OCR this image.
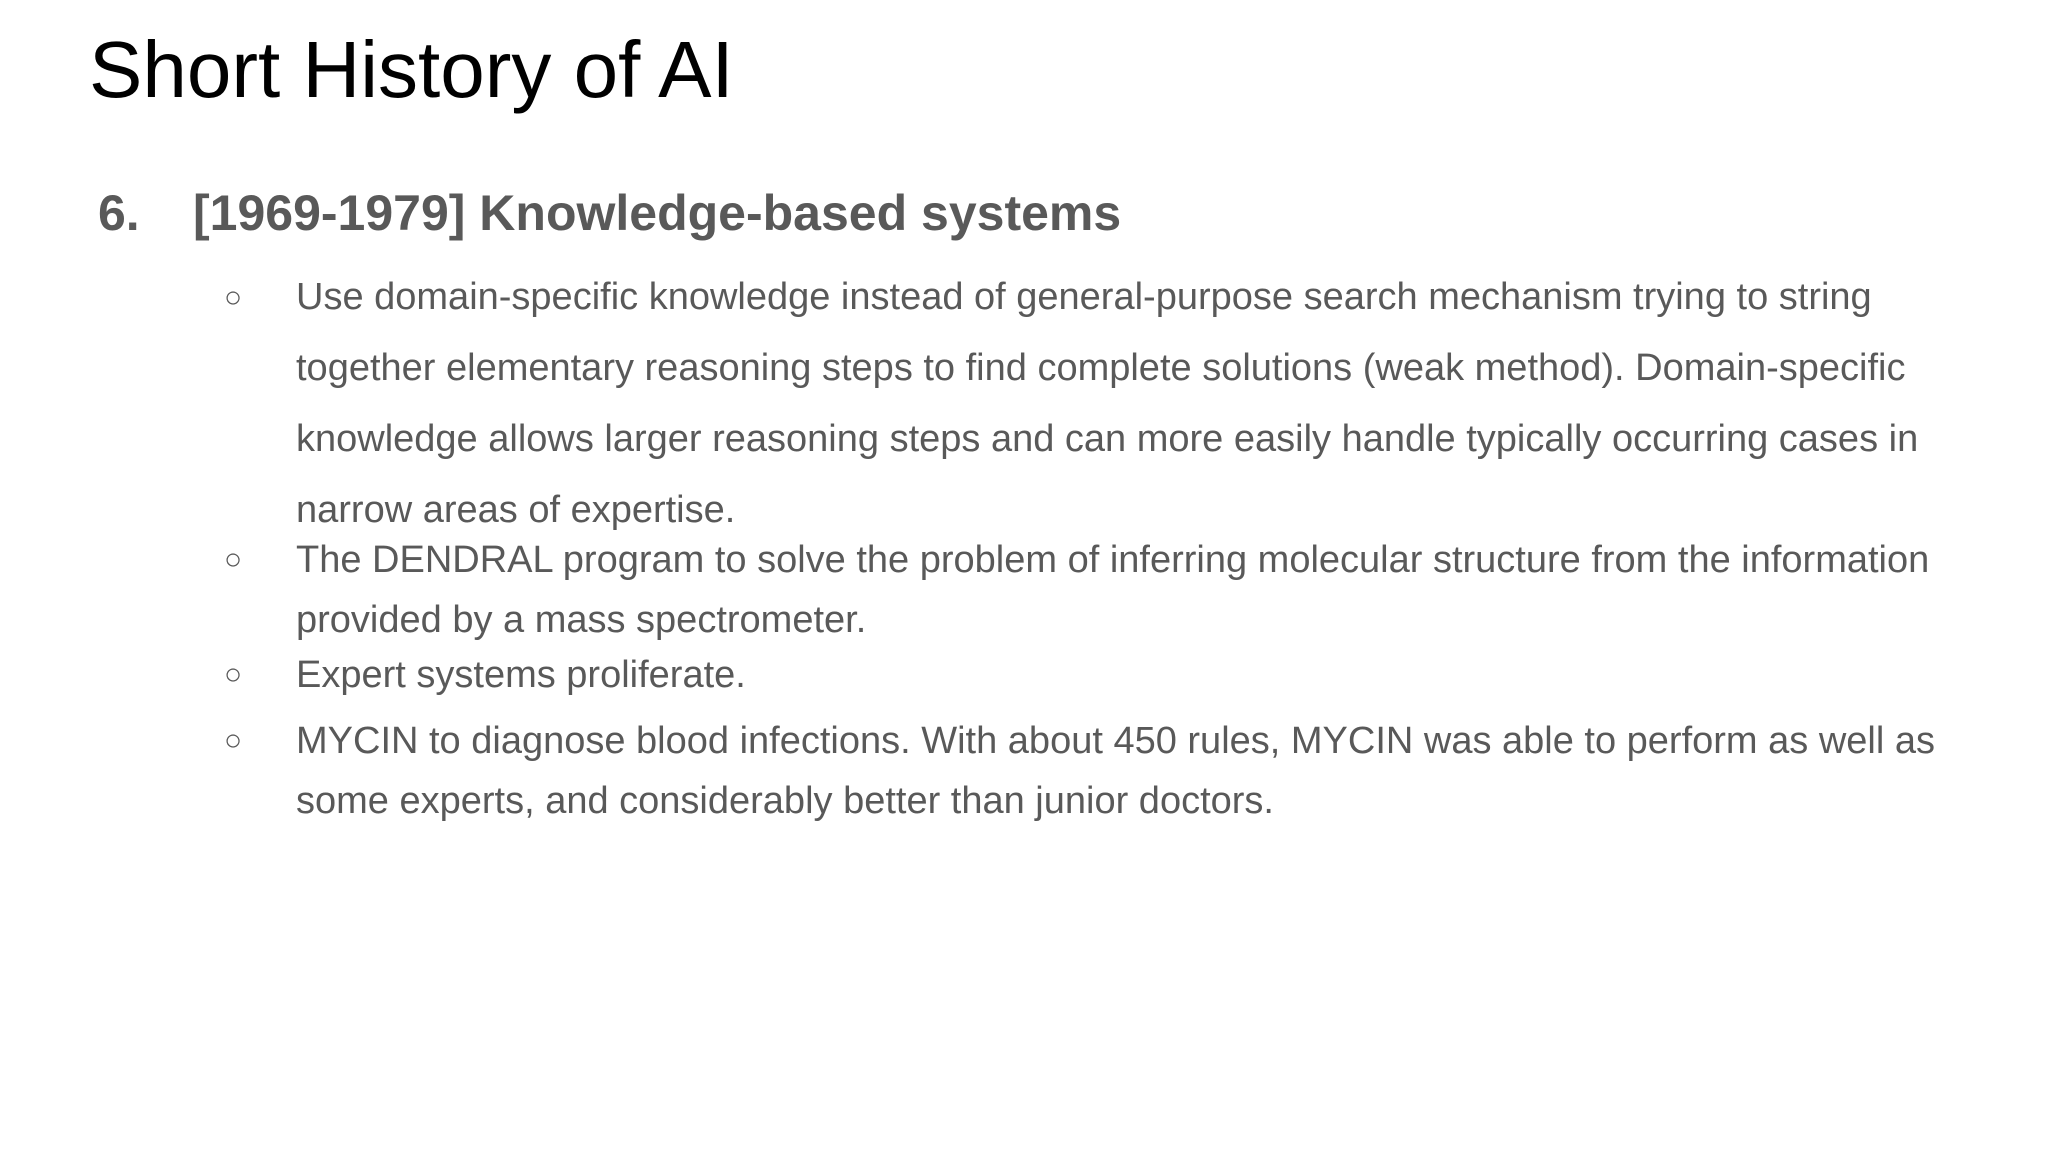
Short History of AI
6. [1969-1979] Knowledge-based systems
○	Use domain-specific knowledge instead of general-purpose search mechanism trying to string together elementary reasoning steps to find complete solutions (weak method). Domain-specific knowledge allows larger reasoning steps and can more easily handle typically occurring cases in narrow areas of expertise.
○	The DENDRAL program to solve the problem of inferring molecular structure from the information provided by a mass spectrometer.
○	Expert systems proliferate.
○	MYCIN to diagnose blood infections. With about 450 rules, MYCIN was able to perform as well as some experts, and considerably better than junior doctors.
